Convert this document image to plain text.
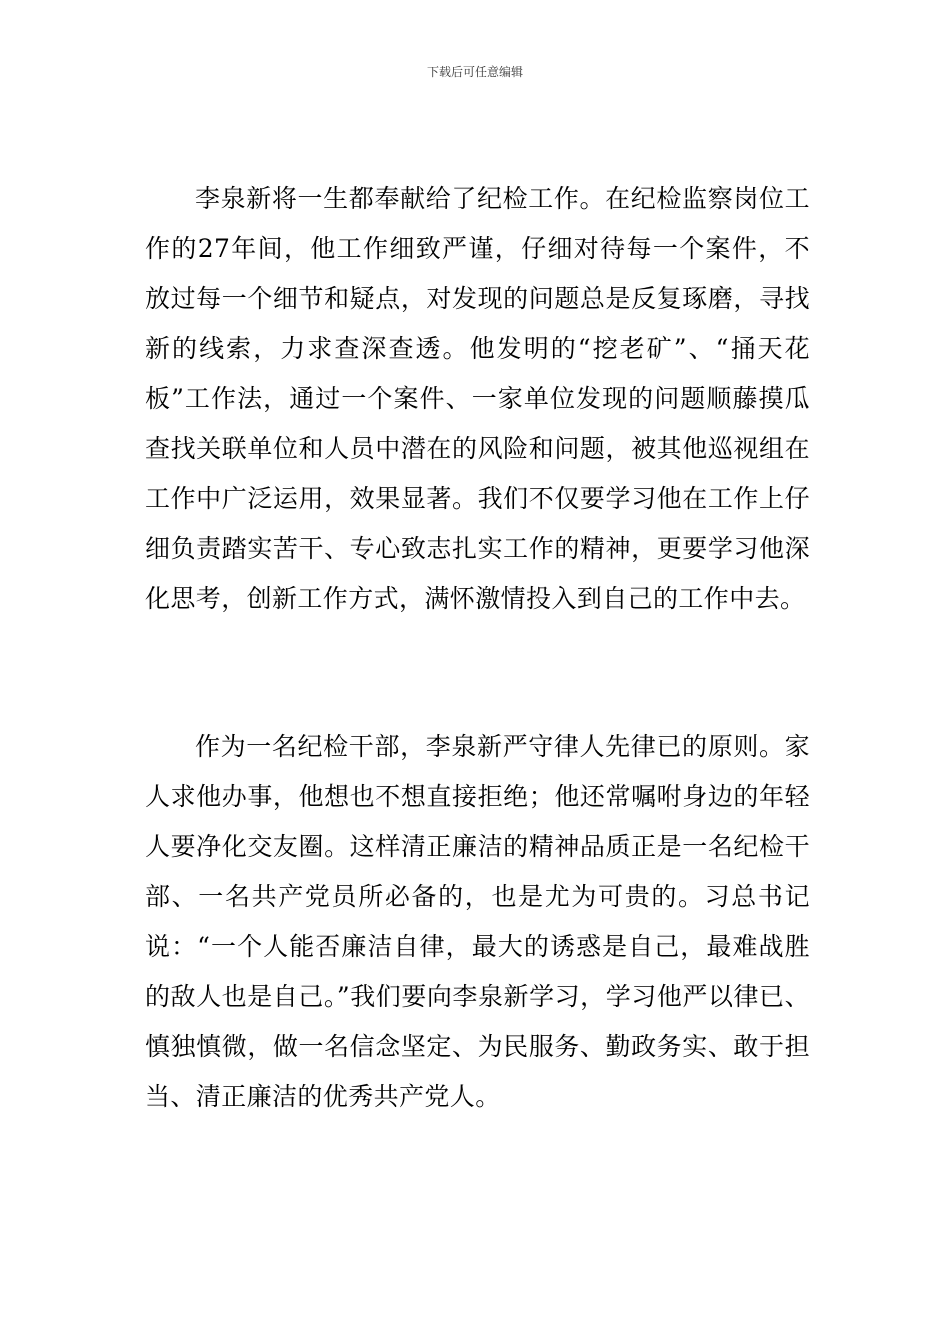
下载后可任意编辑

李泉新将一生都奉献给了纪检工作。在纪检监察岗位工作的27年间，他工作细致严谨，仔细对待每一个案件，不放过每一个细节和疑点，对发现的问题总是反复琢磨，寻找新的线索，力求查深查透。他发明的“挖老矿”、“捅天花板”工作法，通过一个案件、一家单位发现的问题顺藤摸瓜查找关联单位和人员中潜在的风险和问题，被其他巡视组在工作中广泛运用，效果显著。我们不仅要学习他在工作上仔细负责踏实苦干、专心致志扎实工作的精神，更要学习他深化思考，创新工作方式，满怀激情投入到自己的工作中去。

作为一名纪检干部，李泉新严守律人先律已的原则。家人求他办事，他想也不想直接拒绝；他还常嘱咐身边的年轻人要净化交友圈。这样清正廉洁的精神品质正是一名纪检干部、一名共产党员所必备的，也是尤为可贵的。习总书记说：“一个人能否廉洁自律，最大的诱惑是自己，最难战胜的敌人也是自己。”我们要向李泉新学习，学习他严以律已、慎独慎微，做一名信念坚定、为民服务、勤政务实、敢于担当、清正廉洁的优秀共产党人。
